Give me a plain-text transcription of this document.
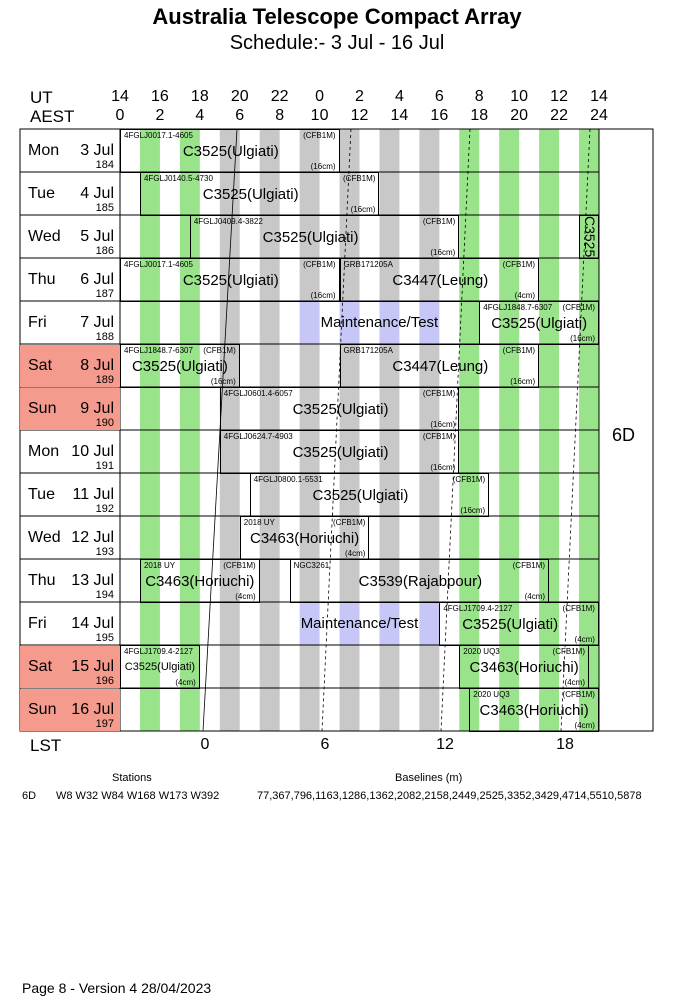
Australia Telescope Compact Array
Schedule:- 3 Jul - 16 Jul
UT
AEST
LST
14	16	18	20	22	0	2	4	6	8	10	12	14
0	2	4	6	8	10	12	14	16	18	20	22	24
0	6	12	18
Mon 3 Jul
184
4FGLJ0017.1-4605
C3525(Ulgiati)
(CFB1M)
(16cm)
Tue 4 Jul
185
4FGLJ0140.5-4730
C3525(Ulgiati)
(CFB1M)
(16cm)
Wed 5 Jul
186
4FGLJ0409.4-3822
C3525(Ulgiati)
(CFB1M)
(16cm)	C3525
Thu 6 Jul
187
4FGLJ0017.1-4605
C3525(Ulgiati)
(CFB1M)
(16cm)
GRB171205A
C3447(Leung)
(CFB1M)
(4cm)
Fri 7 Jul
188
Maintenance/Test
4FGLJ1848.7-6307
C3525(Ulgiati)
(CFB1M)
(16cm)
Sat 8 Jul
189
4FGLJ1848.7-6307
C3525(Ulgiati)
(CFB1M)
(16cm)
GRB171205A
C3447(Leung)
(CFB1M)
(16cm)
Sun 9 Jul
190
4FGLJ0601.4-6057
C3525(Ulgiati)
(CFB1M)
(16cm)
Mon 10 Jul
191
4FGLJ0624.7-4903
C3525(Ulgiati)
(CFB1M)
(16cm)
Tue 11 Jul
192
4FGLJ0800.1-5531
C3525(Ulgiati)
(CFB1M)
(16cm)
Wed 12 Jul
193
2018 UY
C3463(Horiuchi)
(CFB1M)
(4cm)
Thu 13 Jul
194
2018 UY
C3463(Horiuchi)
(CFB1M)
(4cm)
NGC3261
C3539(Rajabpour)
(CFB1M)
(4cm)
Fri 14 Jul
195
Maintenance/Test
4FGLJ1709.4-2127
C3525(Ulgiati)
(CFB1M)
(4cm)
Sat 15 Jul
196
4FGLJ1709.4-2127
C3525(Ulgiati)
(4cm)
2020 UQ3
C3463(Horiuchi)
(CFB1M)
(4cm)
Sun 16 Jul
197
2020 UQ3
C3463(Horiuchi)
(CFB1M)
(4cm)
6D
Stations	Baselines (m)
6D W8 W32 W84 W168 W173 W392	77,367,796,1163,1286,1362,2082,2158,2449,2525,3352,3429,4714,5510,5878
Page 8 - Version 4 28/04/2023
